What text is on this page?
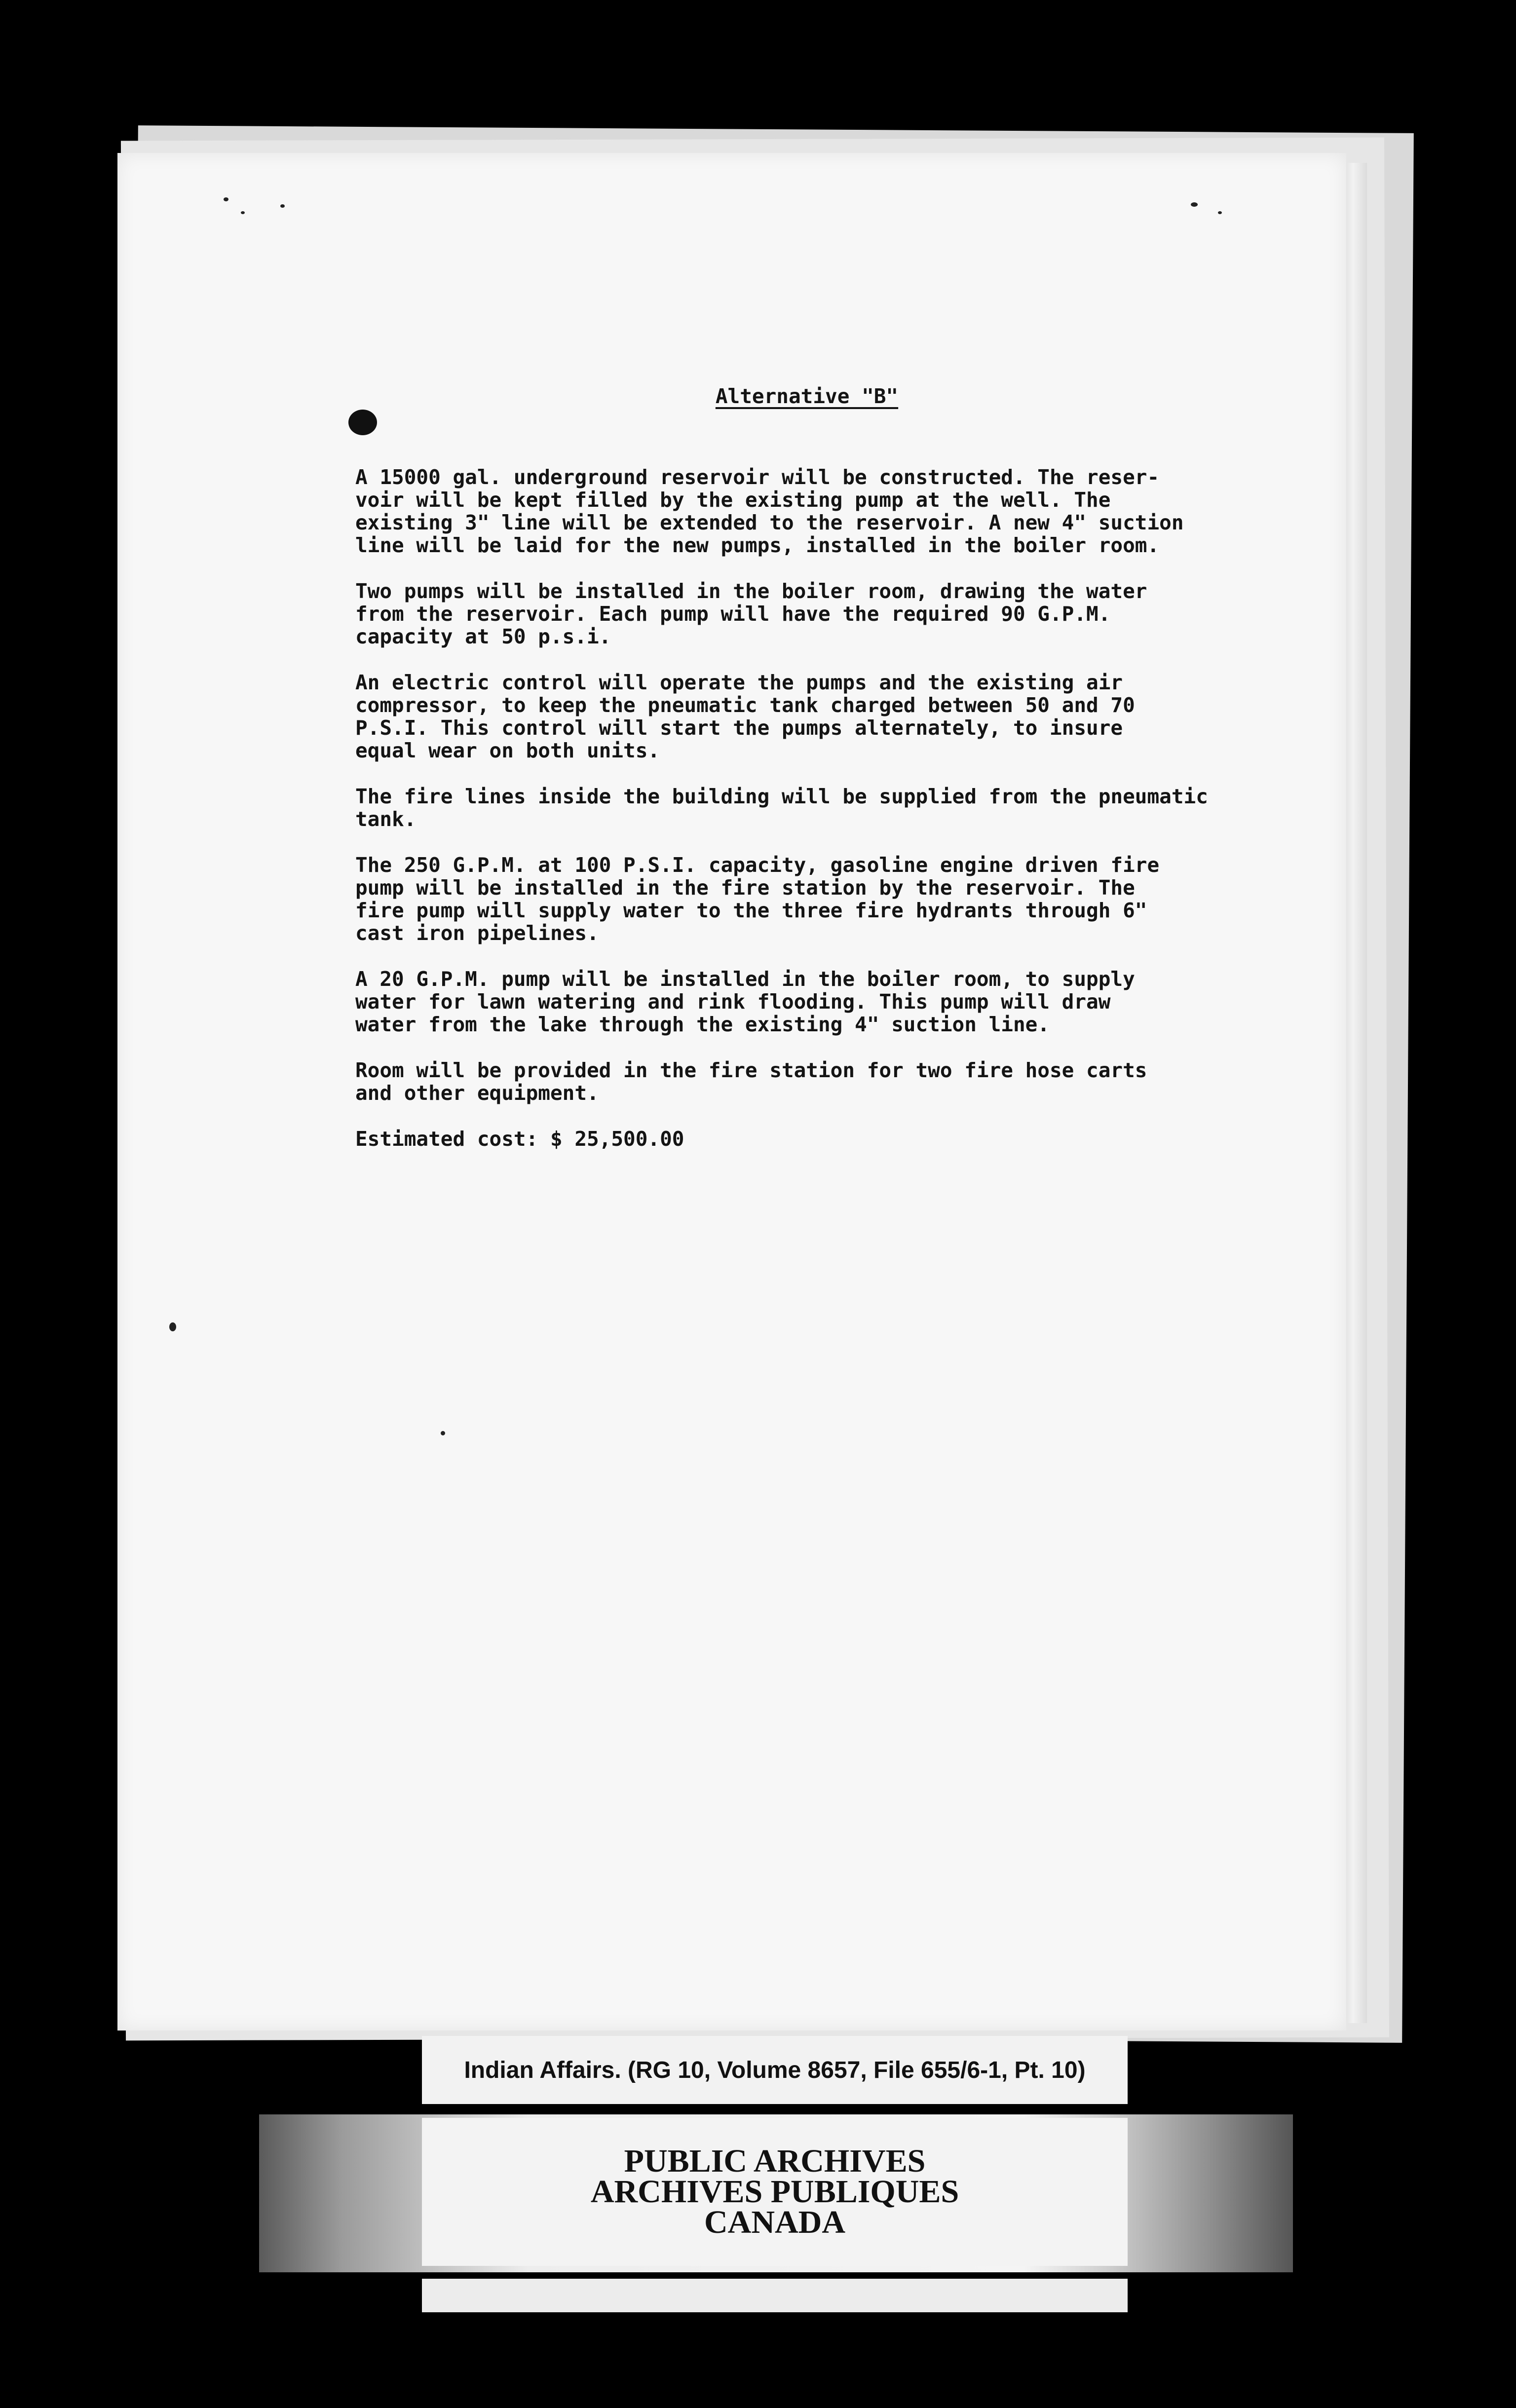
Alternative "B"
A 15000 gal. underground reservoir will be constructed. The reser-
voir will be kept filled by the existing pump at the well. The
existing 3" line will be extended to the reservoir. A new 4" suction
line will be laid for the new pumps, installed in the boiler room.
Two pumps will be installed in the boiler room, drawing the water
from the reservoir. Each pump will have the required 90 G.P.M.
capacity at 50 p.s.i.
An electric control will operate the pumps and the existing air
compressor, to keep the pneumatic tank charged between 50 and 70
P.S.I. This control will start the pumps alternately, to insure
equal wear on both units.
The fire lines inside the building will be supplied from the pneumatic
tank.
The 250 G.P.M. at 100 P.S.I. capacity, gasoline engine driven fire
pump will be installed in the fire station by the reservoir. The
fire pump will supply water to the three fire hydrants through 6"
cast iron pipelines.
A 20 G.P.M. pump will be installed in the boiler room, to supply
water for lawn watering and rink flooding. This pump will draw
water from the lake through the existing 4" suction line.
Room will be provided in the fire station for two fire hose carts
and other equipment.
Estimated cost: $ 25,500.00
Indian Affairs. (RG 10, Volume 8657, File 655/6-1, Pt. 10)
PUBLIC ARCHIVES
ARCHIVES PUBLIQUES
CANADA
